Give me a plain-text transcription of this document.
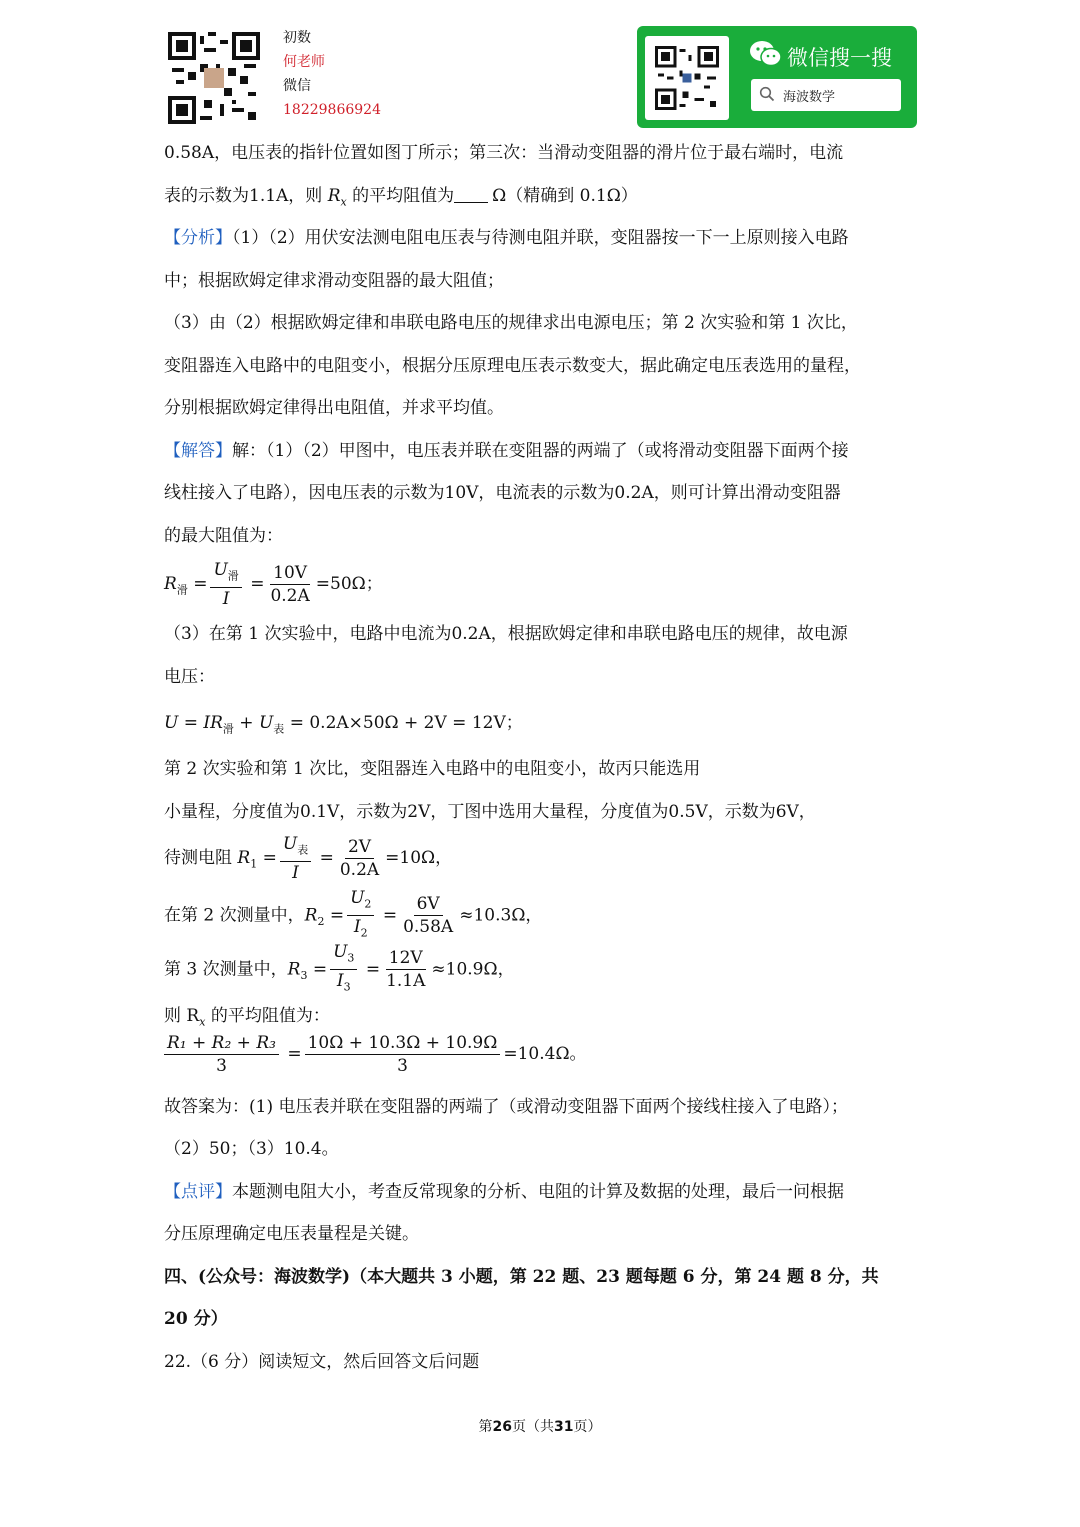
初数
何老师
微信
18229866924
微信搜一搜
海波数学
0.58A，电压表的指针位置如图丁所示；第三次：当滑动变阻器的滑片位于最右端时，电流
表的示数为1.1A，则 $R_x$ 的平均阻值为 Ω（精确到 0.1Ω）
【分析】（1）（2）用伏安法测电阻电压表与待测电阻并联，变阻器按一下一上原则接入电路
中；根据欧姆定律求滑动变阻器的最大阻值；
（3）由（2）根据欧姆定律和串联电路电压的规律求出电源电压；第 2 次实验和第 1 次比，
变阻器连入电路中的电阻变小，根据分压原理电压表示数变大，据此确定电压表选用的量程，
分别根据欧姆定律得出电阻值，并求平均值。
【解答】解：（1）（2）甲图中，电压表并联在变阻器的两端了（或将滑动变阻器下面两个接
线柱接入了电路），因电压表的示数为10V，电流表的示数为0.2A，则可计算出滑动变阻器
的最大阻值为：
$R_滑 = \frac{U_滑}{I} = \frac{10V}{0.2A} =50\Omega$；
（3）在第 1 次实验中，电路中电流为0.2A，根据欧姆定律和串联电路电压的规律，故电源
电压：
$U = IR_滑 + U_表 = 0.2A\times 50\Omega + 2V = 12V$；
第 2 次实验和第 1 次比，变阻器连入电路中的电阻变小，故丙只能选用
小量程，分度值为0.1V，示数为2V，丁图中选用大量程，分度值为0.5V，示数为6V，
待测电阻 $R_1 = \frac{U_表}{I} = \frac{2V}{0.2A} =10\Omega$，
在第 2 次测量中，$R_2 = \frac{U_2}{I_2} = \frac{6V}{0.58A} \approx 10.3\Omega$，
第 3 次测量中，$R_3 = \frac{U_3}{I_3} = \frac{12V}{1.1A} \approx 10.9\Omega$，
则 $R_x$ 的平均阻值为：
$\frac{\text{R₁ + R₂ + R₃}}{3} = \frac{10\Omega + 10.3\Omega + 10.9\Omega}{3} =10.4\Omega$。
故答案为：(1) 电压表并联在变阻器的两端了（或滑动变阻器下面两个接线柱接入了电路）；
（2）50；（3）10.4。
【点评】本题测电阻大小，考查反常现象的分析、电阻的计算及数据的处理，最后一问根据
分压原理确定电压表量程是关键。
四、(公众号：海波数学)（本大题共 3 小题，第 22 题、23 题每题 6 分，第 24 题 8 分，共
20 分）
22.（6 分）阅读短文，然后回答文后问题
第26页（共31页）
